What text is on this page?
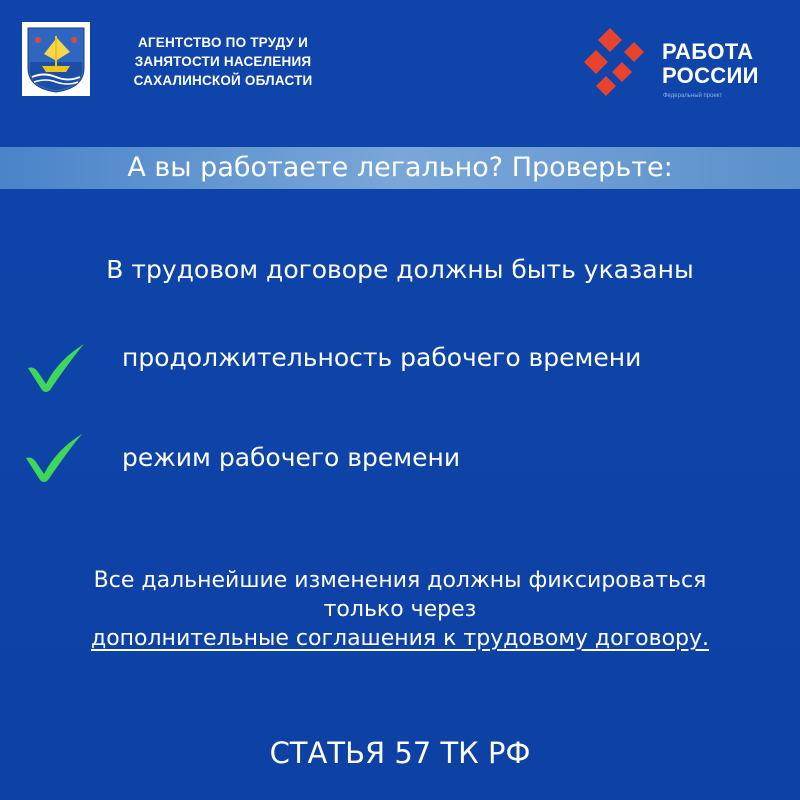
АГЕНТСТВО ПО ТРУДУ И
ЗАНЯТОСТИ НАСЕЛЕНИЯ
САХАЛИНСКОЙ ОБЛАСТИ
РАБОТА
РОССИИ
Федеральный проект
А вы работаете легально? Проверьте:
В трудовом договоре должны быть указаны
продолжительность рабочего времени
режим рабочего времени
Все дальнейшие изменения должны фиксироваться
только через
дополнительные соглашения к трудовому договору.
СТАТЬЯ 57 ТК РФ
